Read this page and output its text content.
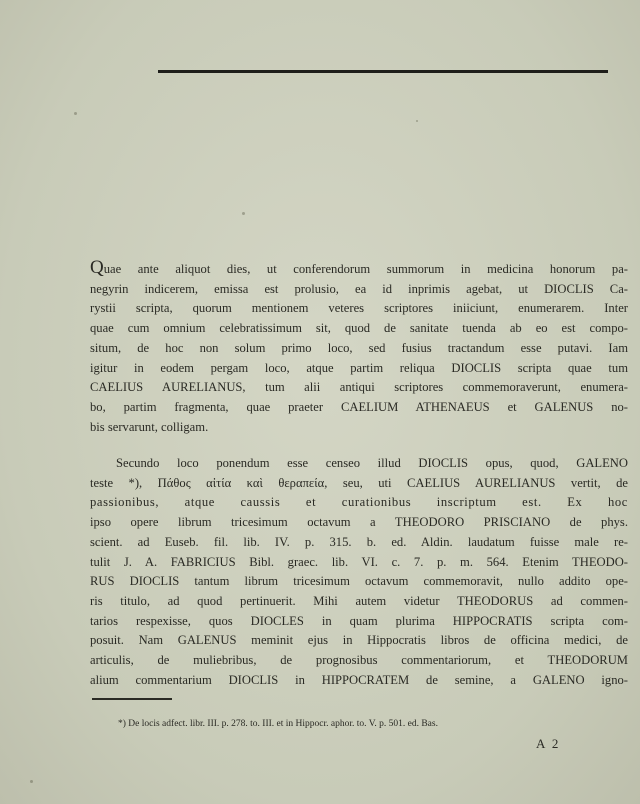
Quae ante aliquot dies, ut conferendorum summorum in medicina honorum pa-
negyrin indicerem, emissa est prolusio, ea id inprimis agebat, ut DIOCLIS Ca-
rystii scripta, quorum mentionem veteres scriptores iniiciunt, enumerarem. Inter
quae cum omnium celebratissimum sit, quod de sanitate tuenda ab eo est compo-
situm, de hoc non solum primo loco, sed fusius tractandum esse putavi. Iam
igitur in eodem pergam loco, atque partim reliqua DIOCLIS scripta quae tum
CAELIUS AURELIANUS, tum alii antiqui scriptores commemoraverunt, enumera-
bo, partim fragmenta, quae praeter CAELIUM ATHENAEUS et GALENUS no-
bis servarunt, colligam.
Secundo loco ponendum esse censeo illud DIOCLIS opus, quod, GALENO
teste *), Πάθος αἰτία καὶ θεραπεία, seu, uti CAELIUS AURELIANUS vertit, de
passionibus, atque caussis et curationibus inscriptum est. Ex hoc
ipso opere librum tricesimum octavum a THEODORO PRISCIANO de phys.
scient. ad Euseb. fil. lib. IV. p. 315. b. ed. Aldin. laudatum fuisse male re-
tulit J. A. FABRICIUS Bibl. graec. lib. VI. c. 7. p. m. 564. Etenim THEODO-
RUS DIOCLIS tantum librum tricesimum octavum commemoravit, nullo addito ope-
ris titulo, ad quod pertinuerit. Mihi autem videtur THEODORUS ad commen-
tarios respexisse, quos DIOCLES in quam plurima HIPPOCRATIS scripta com-
posuit. Nam GALENUS meminit ejus in Hippocratis libros de officina medici, de
articulis, de muliebribus, de prognosibus commentariorum, et THEODORUM
alium commentarium DIOCLIS in HIPPOCRATEM de semine, a GALENO igno-
*) De locis adfect. libr. III. p. 278. to. III. et in Hippocr. aphor. to. V. p. 501. ed. Bas.
A 2
